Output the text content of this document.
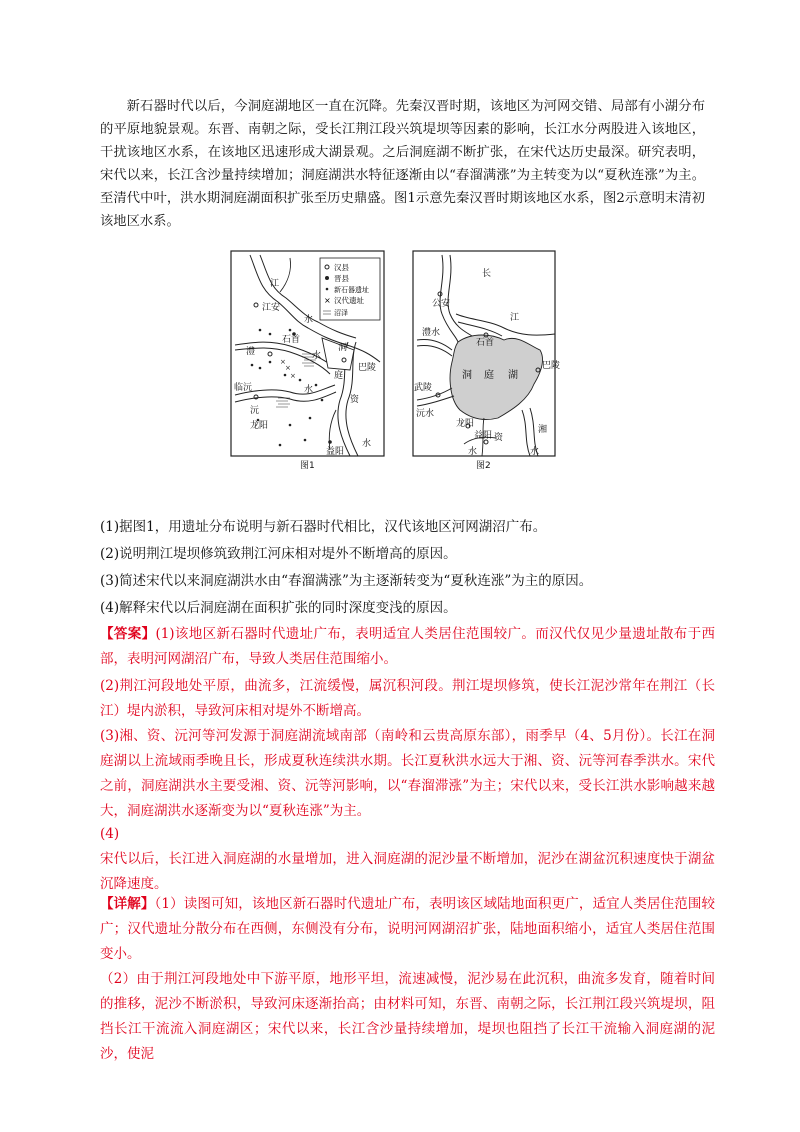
新石器时代以后，今洞庭湖地区一直在沉降。先秦汉晋时期，该地区为河网交错、局部有小湖分布的平原地貌景观。东晋、南朝之际，受长江荆江段兴筑堤坝等因素的影响，长江水分两股进入该地区，干扰该地区水系，在该地区迅速形成大湖景观。之后洞庭湖不断扩张，在宋代达历史最深。研究表明，宋代以来，长江含沙量持续增加；洞庭湖洪水特征逐渐由以“春溜满涨”为主转变为以“夏秋连涨”为主。至清代中叶，洪水期洞庭湖面积扩张至历史鼎盛。图1示意先秦汉晋时期该地区水系，图2示意明末清初该地区水系。

×
汉县
晋县
新石器遗址
汉代遗址
沼泽
×
×
×
江
江安
水
石首
澧	水
洞
庭
临沅
沅
水
龙阳
资
益阳
水
巴陵
图1
长
公安
江
石首
澧水
洞 庭 湖
巴陵
武陵
沅水
资
龙阳
益阳
湘
水	水
图2
(1)据图1，用遗址分布说明与新石器时代相比，汉代该地区河网湖沼广布。
(2)说明荆江堤坝修筑致荆江河床相对堤外不断增高的原因。
(3)简述宋代以来洞庭湖洪水由“春溜满涨”为主逐渐转变为“夏秋连涨”为主的原因。
(4)解释宋代以后洞庭湖在面积扩张的同时深度变浅的原因。
【答案】(1)该地区新石器时代遗址广布，表明适宜人类居住范围较广。而汉代仅见少量遗址散布于西部，表明河网湖沼广布，导致人类居住范围缩小。
(2)荆江河段地处平原，曲流多，江流缓慢，属沉积河段。荆江堤坝修筑，使长江泥沙常年在荆江（长江）堤内淤积，导致河床相对堤外不断增高。
(3)湘、资、沅河等河发源于洞庭湖流域南部（南岭和云贵高原东部），雨季早（4、5月份）。长江在洞庭湖以上流域雨季晚且长，形成夏秋连续洪水期。长江夏秋洪水远大于湘、资、沅等河春季洪水。宋代之前，洞庭湖洪水主要受湘、资、沅等河影响，以“春溜滞涨”为主；宋代以来，受长江洪水影响越来越大，洞庭湖洪水逐渐变为以“夏秋连涨”为主。
(4)
宋代以后，长江进入洞庭湖的水量增加，进入洞庭湖的泥沙量不断增加，泥沙在湖盆沉积速度快于湖盆沉降速度。
【详解】（1）读图可知，该地区新石器时代遗址广布，表明该区域陆地面积更广，适宜人类居住范围较广；汉代遗址分散分布在西侧，东侧没有分布，说明河网湖沼扩张，陆地面积缩小，适宜人类居住范围变小。
（2）由于荆江河段地处中下游平原，地形平坦，流速减慢，泥沙易在此沉积，曲流多发育，随着时间的推移，泥沙不断淤积，导致河床逐渐抬高；由材料可知，东晋、南朝之际，长江荆江段兴筑堤坝，阻挡长江干流流入洞庭湖区；宋代以来，长江含沙量持续增加，堤坝也阻挡了长江干流输入洞庭湖的泥沙，使泥
